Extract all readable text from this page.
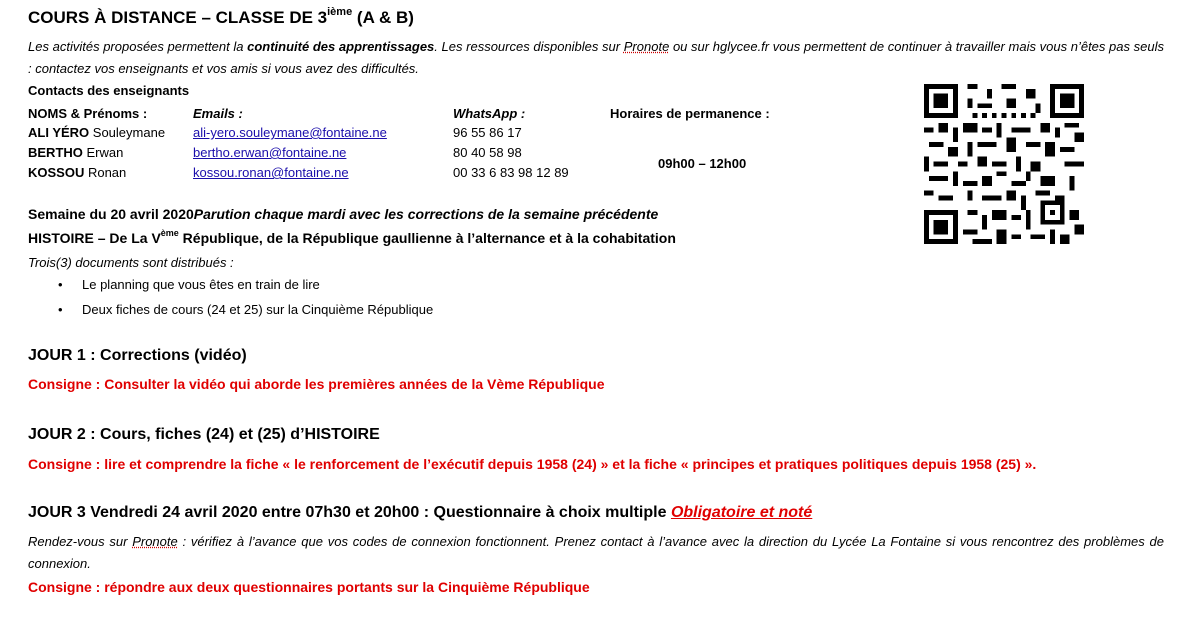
COURS À DISTANCE – CLASSE DE 3ième (A & B)
Les activités proposées permettent la continuité des apprentissages. Les ressources disponibles sur Pronote ou sur hglycee.fr vous permettent de continuer à travailler mais vous n’êtes pas seuls : contactez vos enseignants et vos amis si vous avez des difficultés.
Contacts des enseignants
NOMS & Prénoms :	Emails :	WhatsApp :	Horaires de permanence :
ALI YÉRO Souleymane ali-yero.souleymane@fontaine.ne	96 55 86 17
BERTHO Erwan	bertho.erwan@fontaine.ne	80 40 58 98
KOSSOU Ronan	kossou.ronan@fontaine.ne	00 33 6 83 98 12 89
09h00 – 12h00
Semaine du 20 avril 2020Parution chaque mardi avec les corrections de la semaine précédente
HISTOIRE – De La Vème République, de la République gaullienne à l’alternance et à la cohabitation
Trois(3) documents sont distribués :
• Le planning que vous êtes en train de lire
• Deux fiches de cours (24 et 25) sur la Cinquième République
JOUR 1 : Corrections (vidéo)
Consigne : Consulter la vidéo qui aborde les premières années de la Vème République
JOUR 2 : Cours, fiches (24) et (25) d’HISTOIRE
Consigne : lire et comprendre la fiche « le renforcement de l’exécutif depuis 1958 (24) » et la fiche « principes et pratiques politiques depuis 1958 (25) ».
JOUR 3 Vendredi 24 avril 2020 entre 07h30 et 20h00 : Questionnaire à choix multiple Obligatoire et noté
Rendez-vous sur Pronote : vérifiez à l’avance que vos codes de connexion fonctionnent. Prenez contact à l’avance avec la direction du Lycée La Fontaine si vous rencontrez des problèmes de connexion.
Consigne : répondre aux deux questionnaires portants sur la Cinquième République
